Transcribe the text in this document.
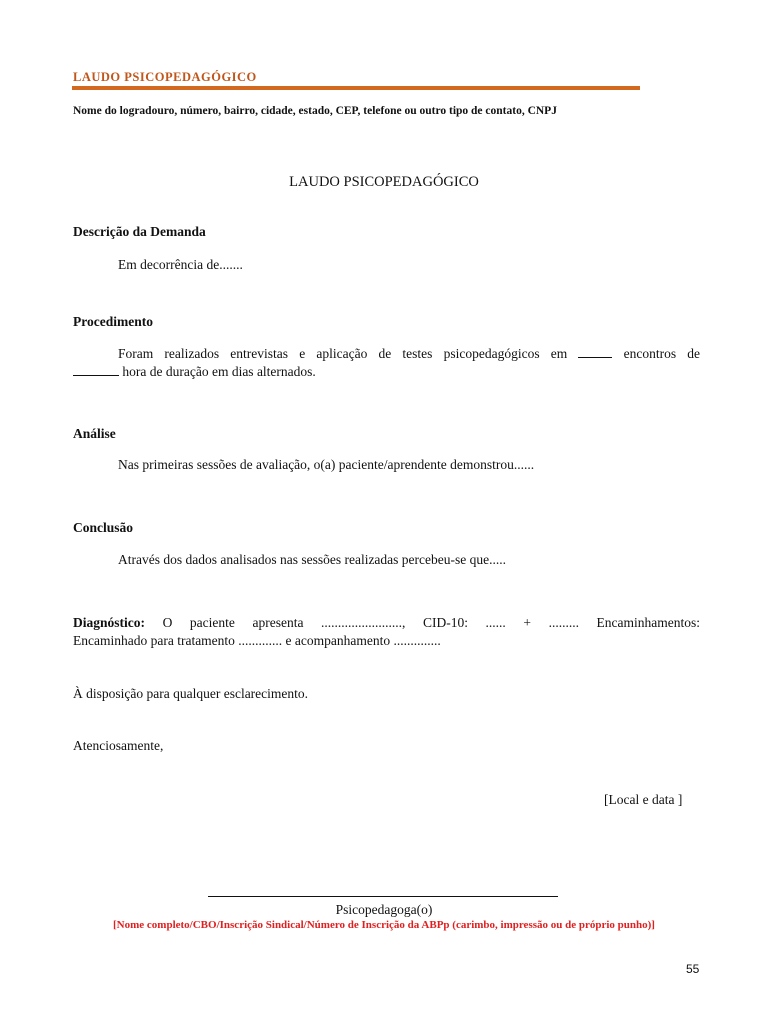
LAUDO PSICOPEDAGÓGICO
Nome do logradouro, número, bairro, cidade, estado, CEP, telefone ou outro tipo de contato, CNPJ
LAUDO PSICOPEDAGÓGICO
Descrição da Demanda
Em decorrência de.......
Procedimento
Foram realizados entrevistas e aplicação de testes psicopedagógicos em	encontros de
hora de duração em dias alternados.
Análise
Nas primeiras sessões de avaliação, o(a) paciente/aprendente demonstrou......
Conclusão
Através dos dados analisados nas sessões realizadas percebeu-se que.....
Diagnóstico: O paciente apresenta ........................, CID-10: ...... + ......... Encaminhamentos:
Encaminhado para tratamento ............. e acompanhamento ..............
À disposição para qualquer esclarecimento.
Atenciosamente,
[Local e data ]
Psicopedagoga(o)
[Nome completo/CBO/Inscrição Sindical/Número de Inscrição da ABPp (carimbo, impressão ou de próprio punho)]
55
